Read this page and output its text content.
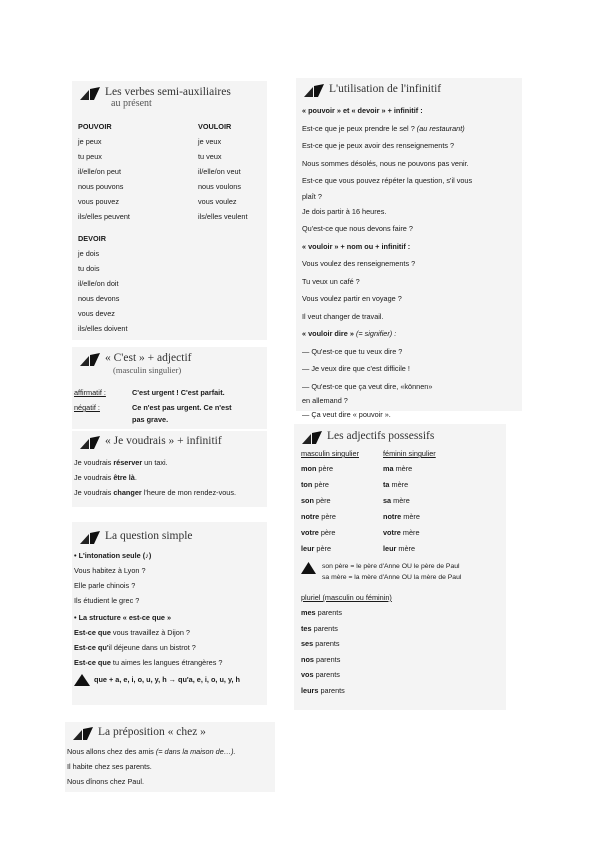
Les verbes semi-auxiliaires
au présent
POUVOIR
je peux
tu peux
il/elle/on peut
nous pouvons
vous pouvez
ils/elles peuvent
VOULOIR
je veux
tu veux
il/elle/on veut
nous voulons
vous voulez
ils/elles veulent
DEVOIR
je dois
tu dois
il/elle/on doit
nous devons
vous devez
ils/elles doivent
« C'est » + adjectif
(masculin singulier)
affirmatif :	C'est urgent ! C'est parfait.
négatif :	Ce n'est pas urgent. Ce n'est
pas grave.
« Je voudrais » + infinitif
Je voudrais réserver un taxi.
Je voudrais être là.
Je voudrais changer l'heure de mon rendez-vous.
La question simple
• L'intonation seule (♪)
Vous habitez à Lyon ?
Elle parle chinois ?
Ils étudient le grec ?
• La structure « est-ce que »
Est-ce que vous travaillez à Dijon ?
Est-ce qu'il déjeune dans un bistrot ?
Est-ce que tu aimes les langues étrangères ?
que + a, e, i, o, u, y, h → qu'a, e, i, o, u, y, h
La préposition « chez »
Nous allons chez des amis (= dans la maison de…).
Il habite chez ses parents.
Nous dînons chez Paul.
L'utilisation de l'infinitif
« pouvoir » et « devoir » + infinitif :
Est-ce que je peux prendre le sel ? (au restaurant)
Est-ce que je peux avoir des renseignements ?
Nous sommes désolés, nous ne pouvons pas venir.
Est-ce que vous pouvez répéter la question, s'il vous
plaît ?
Je dois partir à 16 heures.
Qu'est-ce que nous devons faire ?
« vouloir » + nom ou + infinitif :
Vous voulez des renseignements ?
Tu veux un café ?
Vous voulez partir en voyage ?
Il veut changer de travail.
« vouloir dire » (= signifier) :
— Qu'est-ce que tu veux dire ?
— Je veux dire que c'est difficile !
— Qu'est-ce que ça veut dire, «können»
en allemand ?
— Ça veut dire « pouvoir ».
Les adjectifs possessifs
masculin singulier	féminin singulier
mon père	ma mère
ton père	ta mère
son père	sa mère
notre père	notre mère
votre père	votre mère
leur père	leur mère
son père = le père d'Anne OU le père de Paul
sa mère = la mère d'Anne OU la mère de Paul
pluriel (masculin ou féminin)
mes parents
tes parents
ses parents
nos parents
vos parents
leurs parents
